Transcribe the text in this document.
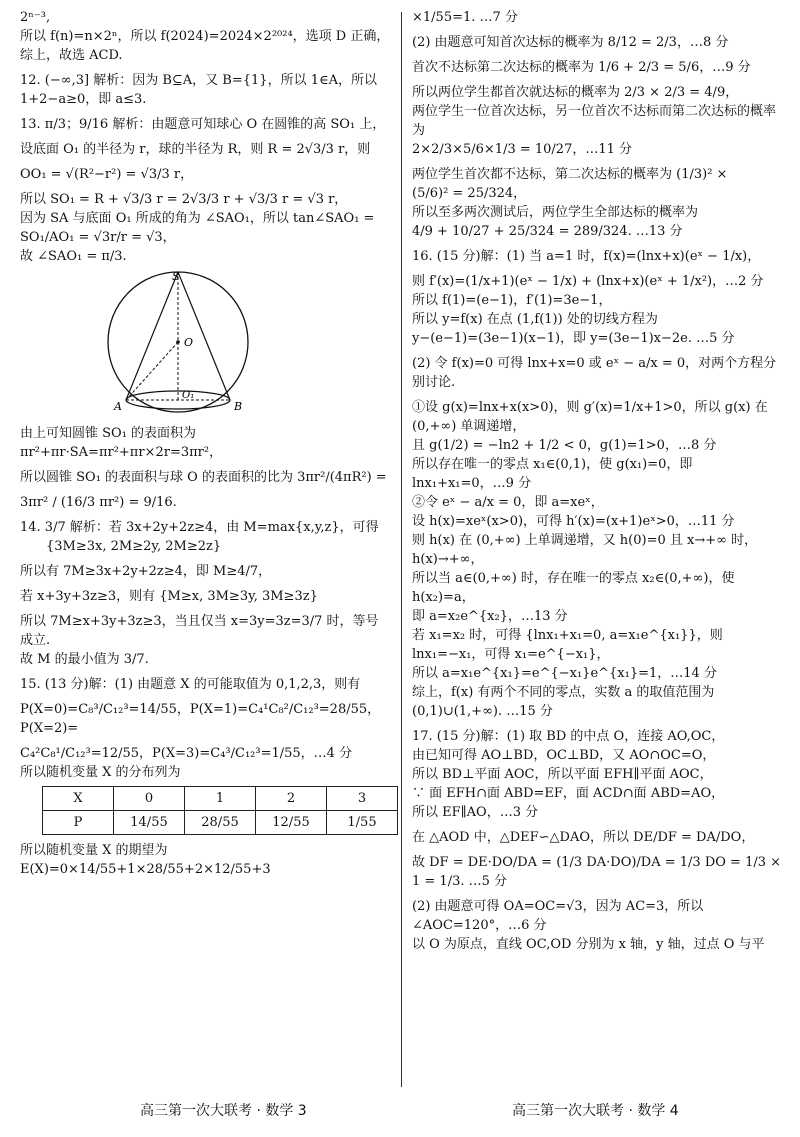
2ⁿ⁻³,
所以 f(n)=n×2ⁿ，所以 f(2024)=2024×2²⁰²⁴，选项 D 正确，
综上，故选 ACD.
12. (−∞,3] 解析：因为 B⊆A，又 B={1}，所以 1∈A，所以 1+2−a≥0，即 a≤3.
13. π/3；9/16 解析：由题意可知球心 O 在圆锥的高 SO₁ 上，
设底面 O₁ 的半径为 r，球的半径为 R，则 R = 2√3/3 r，则
OO₁ = √(R²−r²) = √3/3 r，
所以 SO₁ = R + √3/3 r = 2√3/3 r + √3/3 r = √3 r，
因为 SA 与底面 O₁ 所成的角为 ∠SAO₁，所以 tan∠SAO₁ = SO₁/AO₁ = √3r/r = √3，
故 ∠SAO₁ = π/3.
S
O
O₁
A	B
由上可知圆锥 SO₁ 的表面积为 πr²+πr·SA=πr²+πr×2r=3πr²，
所以圆锥 SO₁ 的表面积与球 O 的表面积的比为 3πr²/(4πR²) =
3πr² / (16/3 πr²) = 9/16.
14. 3/7 解析：若 3x+2y+2z≥4，由 M=max{x,y,z}，可得
{3M≥3x, 2M≥2y, 2M≥2z}
所以有 7M≥3x+2y+2z≥4，即 M≥4/7，
若 x+3y+3z≥3，则有 {M≥x, 3M≥3y, 3M≥3z}
所以 7M≥x+3y+3z≥3，当且仅当 x=3y=3z=3/7 时，等号成立.
故 M 的最小值为 3/7.
15. (13 分)解：(1) 由题意 X 的可能取值为 0,1,2,3，则有
P(X=0)=C₈³/C₁₂³=14/55，P(X=1)=C₄¹C₈²/C₁₂³=28/55，P(X=2)=
C₄²C₈¹/C₁₂³=12/55，P(X=3)=C₄³/C₁₂³=1/55，…4 分
所以随机变量 X 的分布列为
X	0	1	2	3
P	14/55	28/55	12/55	1/55
所以随机变量 X 的期望为 E(X)=0×14/55+1×28/55+2×12/55+3
×1/55=1. …7 分
(2) 由题意可知首次达标的概率为 8/12 = 2/3，…8 分
首次不达标第二次达标的概率为 1/6 + 2/3 = 5/6，…9 分
所以两位学生都首次就达标的概率为 2/3 × 2/3 = 4/9，
两位学生一位首次达标，另一位首次不达标而第二次达标的概率为
2×2/3×5/6×1/3 = 10/27，…11 分
两位学生首次都不达标，第二次达标的概率为 (1/3)² ×
(5/6)² = 25/324，
所以至多两次测试后，两位学生全部达标的概率为
4/9 + 10/27 + 25/324 = 289/324. …13 分
16. (15 分)解：(1) 当 a=1 时，f(x)=(lnx+x)(eˣ − 1/x)，
则 f′(x)=(1/x+1)(eˣ − 1/x) + (lnx+x)(eˣ + 1/x²)，…2 分
所以 f(1)=(e−1)，f′(1)=3e−1，
所以 y=f(x) 在点 (1,f(1)) 处的切线方程为
y−(e−1)=(3e−1)(x−1)，即 y=(3e−1)x−2e. …5 分
(2) 令 f(x)=0 可得 lnx+x=0 或 eˣ − a/x = 0，对两个方程分别讨论.
①设 g(x)=lnx+x(x>0)，则 g′(x)=1/x+1>0，所以 g(x) 在 (0,+∞) 单调递增，
且 g(1/2) = −ln2 + 1/2 < 0，g(1)=1>0，…8 分
所以存在唯一的零点 x₁∈(0,1)，使 g(x₁)=0，即 lnx₁+x₁=0，…9 分
②令 eˣ − a/x = 0，即 a=xeˣ，
设 h(x)=xeˣ(x>0)，可得 h′(x)=(x+1)eˣ>0，…11 分
则 h(x) 在 (0,+∞) 上单调递增，又 h(0)=0 且 x→+∞ 时，h(x)→+∞，
所以当 a∈(0,+∞) 时，存在唯一的零点 x₂∈(0,+∞)，使 h(x₂)=a，
即 a=x₂e^{x₂}，…13 分
若 x₁=x₂ 时，可得 {lnx₁+x₁=0, a=x₁e^{x₁}}，则 lnx₁=−x₁，可得 x₁=e^{−x₁}，
所以 a=x₁e^{x₁}=e^{−x₁}e^{x₁}=1，…14 分
综上，f(x) 有两个不同的零点，实数 a 的取值范围为 (0,1)∪(1,+∞). …15 分
17. (15 分)解：(1) 取 BD 的中点 O，连接 AO,OC，
由已知可得 AO⊥BD，OC⊥BD，又 AO∩OC=O，
所以 BD⊥平面 AOC，所以平面 EFH∥平面 AOC，
∵ 面 EFH∩面 ABD=EF，面 ACD∩面 ABD=AO，
所以 EF∥AO，…3 分
在 △AOD 中，△DEF∽△DAO，所以 DE/DF = DA/DO，
故 DF = DE·DO/DA = (1/3 DA·DO)/DA = 1/3 DO = 1/3 × 1 = 1/3. …5 分
(2) 由题意可得 OA=OC=√3，因为 AC=3，所以 ∠AOC=120°，…6 分
以 O 为原点，直线 OC,OD 分别为 x 轴，y 轴，过点 O 与平
高三第一次大联考 · 数学 3	高三第一次大联考 · 数学 4
